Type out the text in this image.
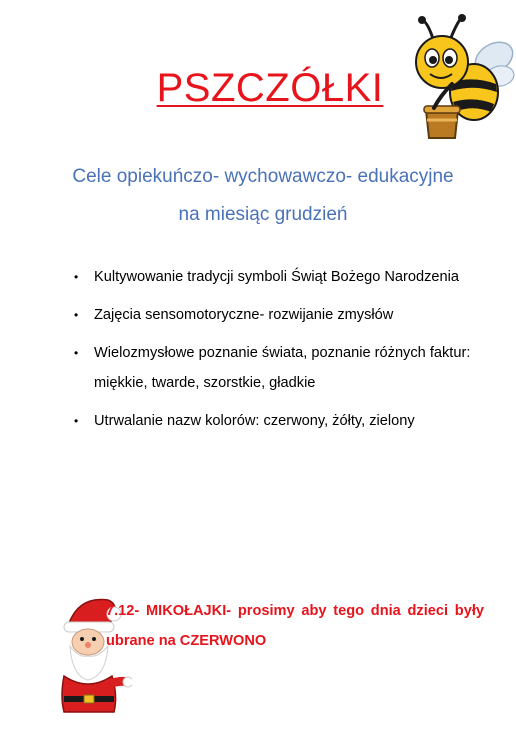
PSZCZÓŁKI
Cele opiekuńczo- wychowawczo- edukacyjne
na miesiąc grudzień
• Kultywowanie tradycji symboli Świąt Bożego Narodzenia
• Zajęcia sensomotoryczne- rozwijanie zmysłów
• Wielozmysłowe poznanie świata, poznanie różnych faktur: miękkie, twarde, szorstkie, gładkie
• Utrwalanie nazw kolorów: czerwony, żółty, zielony
7.12- MIKOŁAJKI- prosimy aby tego dnia dzieci były ubrane na CZERWONO
